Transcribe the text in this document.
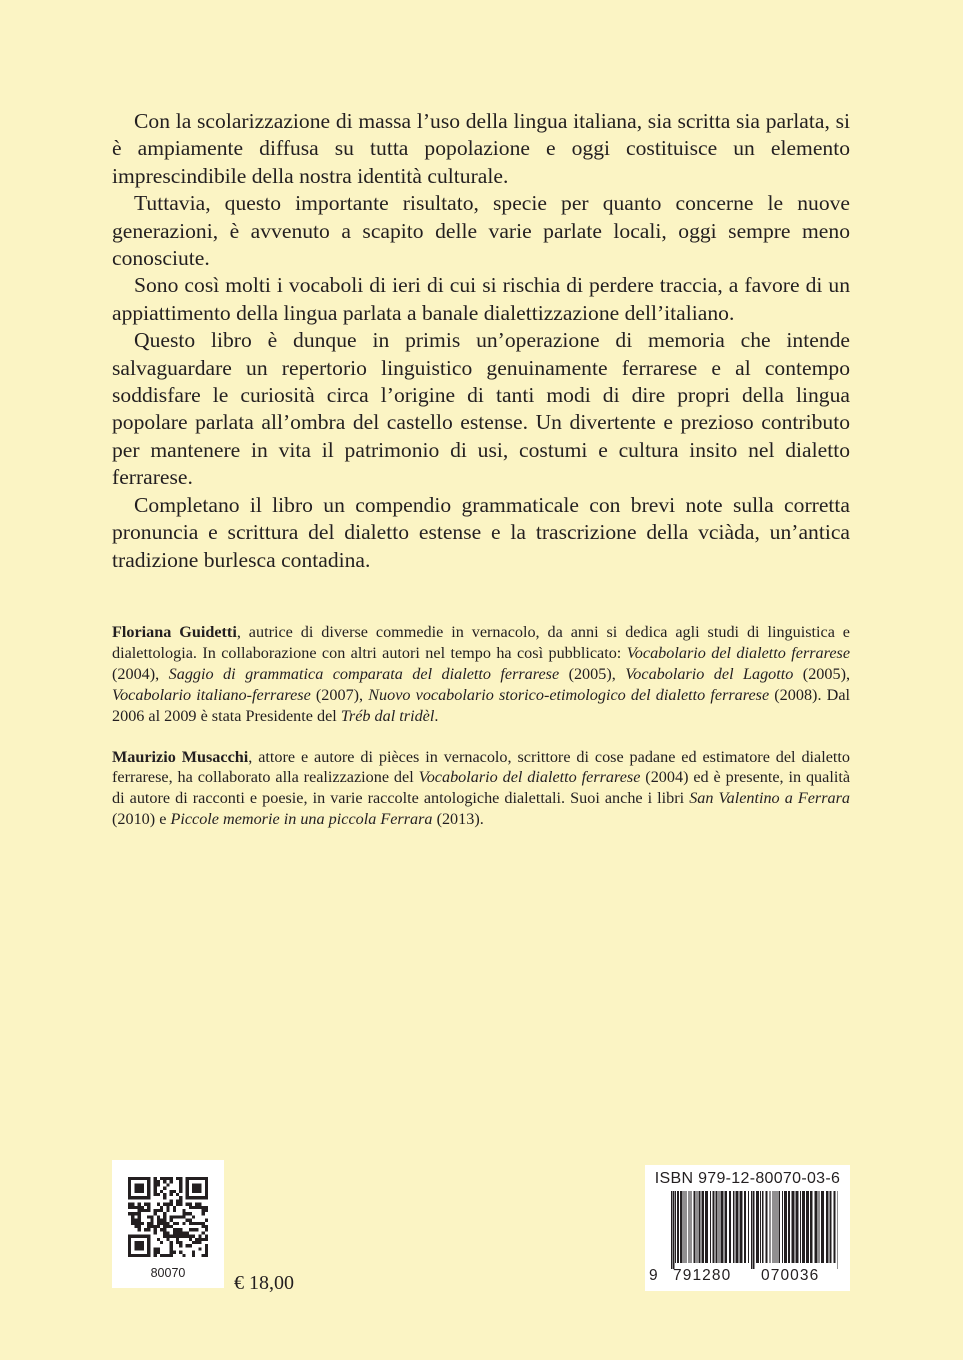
Con la scolarizzazione di massa l’uso della lingua italiana, sia scritta sia parlata, si è ampiamente diffusa su tutta popolazione e oggi costituisce un elemento imprescindibile della nostra identità culturale.

Tuttavia, questo importante risultato, specie per quanto concerne le nuove generazioni, è avvenuto a scapito delle varie parlate locali, oggi sempre meno conosciute.

Sono così molti i vocaboli di ieri di cui si rischia di perdere traccia, a favore di un appiattimento della lingua parlata a banale dialettizzazione dell’italiano.

Questo libro è dunque in primis un’operazione di memoria che intende salvaguardare un repertorio linguistico genuinamente ferrarese e al contempo soddisfare le curiosità circa l’origine di tanti modi di dire propri della lingua popolare parlata all’ombra del castello estense. Un divertente e prezioso contributo per mantenere in vita il patrimonio di usi, costumi e cultura insito nel dialetto ferrarese.

Completano il libro un compendio grammaticale con brevi note sulla corretta pronuncia e scrittura del dialetto estense e la trascrizione della vciàda, un’antica tradizione burlesca contadina.

Floriana Guidetti, autrice di diverse commedie in vernacolo, da anni si dedica agli studi di linguistica e dialettologia. In collaborazione con altri autori nel tempo ha così pubblicato: Vocabolario del dialetto ferrarese (2004), Saggio di grammatica comparata del dialetto ferrarese (2005), Vocabolario del Lagotto (2005), Vocabolario italiano-ferrarese (2007), Nuovo vocabolario storico-etimologico del dialetto ferrarese (2008). Dal 2006 al 2009 è stata Presidente del Tréb dal tridèl.

Maurizio Musacchi, attore e autore di pièces in vernacolo, scrittore di cose padane ed estimatore del dialetto ferrarese, ha collaborato alla realizzazione del Vocabolario del dialetto ferrarese (2004) ed è presente, in qualità di autore di racconti e poesie, in varie raccolte antologiche dialettali. Suoi anche i libri San Valentino a Ferrara (2010) e Piccole memorie in una piccola Ferrara (2013).

80070	€ 18,00
ISBN 979-12-80070-03-6
9 791280 070036
